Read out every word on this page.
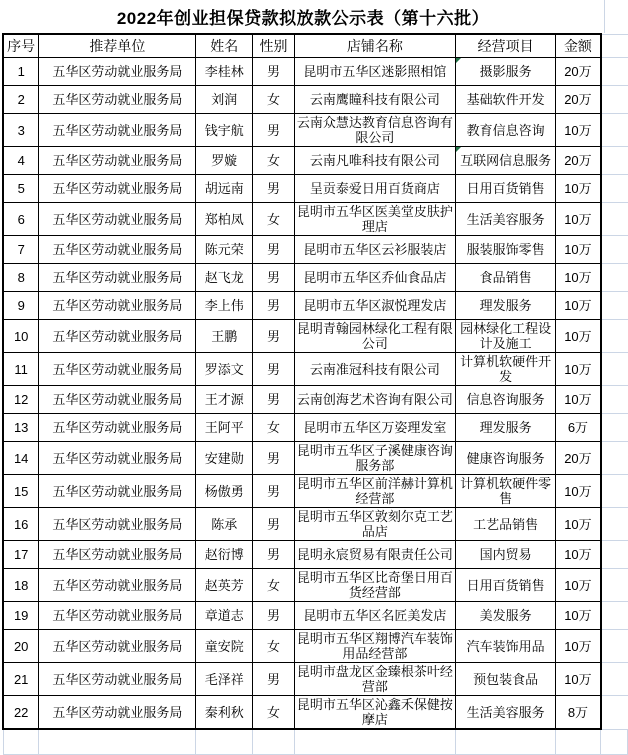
2022年创业担保贷款拟放款公示表（第十六批）
序号	推荐单位	姓名	性别	店铺名称	经营项目	金额	
1	五华区劳动就业服务局	李桂林	男	昆明市五华区迷影照相馆	摄影服务	20万	
2	五华区劳动就业服务局	刘润	女	云南鹰瞳科技有限公司	基础软件开发	20万	
3	五华区劳动就业服务局	钱宇航	男	云南众慧达教育信息咨询有限公司	教育信息咨询	10万	
4	五华区劳动就业服务局	罗嫙	女	云南凡唯科技有限公司	互联网信息服务	20万	
5	五华区劳动就业服务局	胡远南	男	呈贡泰爱日用百货商店	日用百货销售	10万	
6	五华区劳动就业服务局	郑柏凤	女	昆明市五华区医美堂皮肤护理店	生活美容服务	10万	
7	五华区劳动就业服务局	陈元荣	男	昆明市五华区云衫服装店	服装服饰零售	10万	
8	五华区劳动就业服务局	赵飞龙	男	昆明市五华区乔仙食品店	食品销售	10万	
9	五华区劳动就业服务局	李上伟	男	昆明市五华区淑悦理发店	理发服务	10万	
10	五华区劳动就业服务局	王鹏	男	昆明青翰园林绿化工程有限公司	园林绿化工程设计及施工	10万	
11	五华区劳动就业服务局	罗添文	男	云南准冠科技有限公司	计算机软硬件开发	10万	
12	五华区劳动就业服务局	王才源	男	云南创海艺术咨询有限公司	信息咨询服务	10万	
13	五华区劳动就业服务局	王阿平	女	昆明市五华区万姿理发室	理发服务	6万	
14	五华区劳动就业服务局	安建勋	男	昆明市五华区子溪健康咨询服务部	健康咨询服务	20万	
15	五华区劳动就业服务局	杨傲勇	男	昆明市五华区前洋赫计算机经营部	计算机软硬件零售	10万	
16	五华区劳动就业服务局	陈承	男	昆明市五华区敦刻尔克工艺品店	工艺品销售	10万	
17	五华区劳动就业服务局	赵衍博	男	昆明永宸贸易有限责任公司	国内贸易	10万	
18	五华区劳动就业服务局	赵英芳	女	昆明市五华区比奇堡日用百货经营部	日用百货销售	10万	
19	五华区劳动就业服务局	章道志	男	昆明市五华区名匠美发店	美发服务	10万	
20	五华区劳动就业服务局	童安院	女	昆明市五华区翔博汽车装饰用品经营部	汽车装饰用品	10万	
21	五华区劳动就业服务局	毛泽祥	男	昆明市盘龙区金臻根茶叶经营部	预包装食品	10万	
22	五华区劳动就业服务局	秦利秋	女	昆明市五华区沁鑫禾保健按摩店	生活美容服务	8万	
